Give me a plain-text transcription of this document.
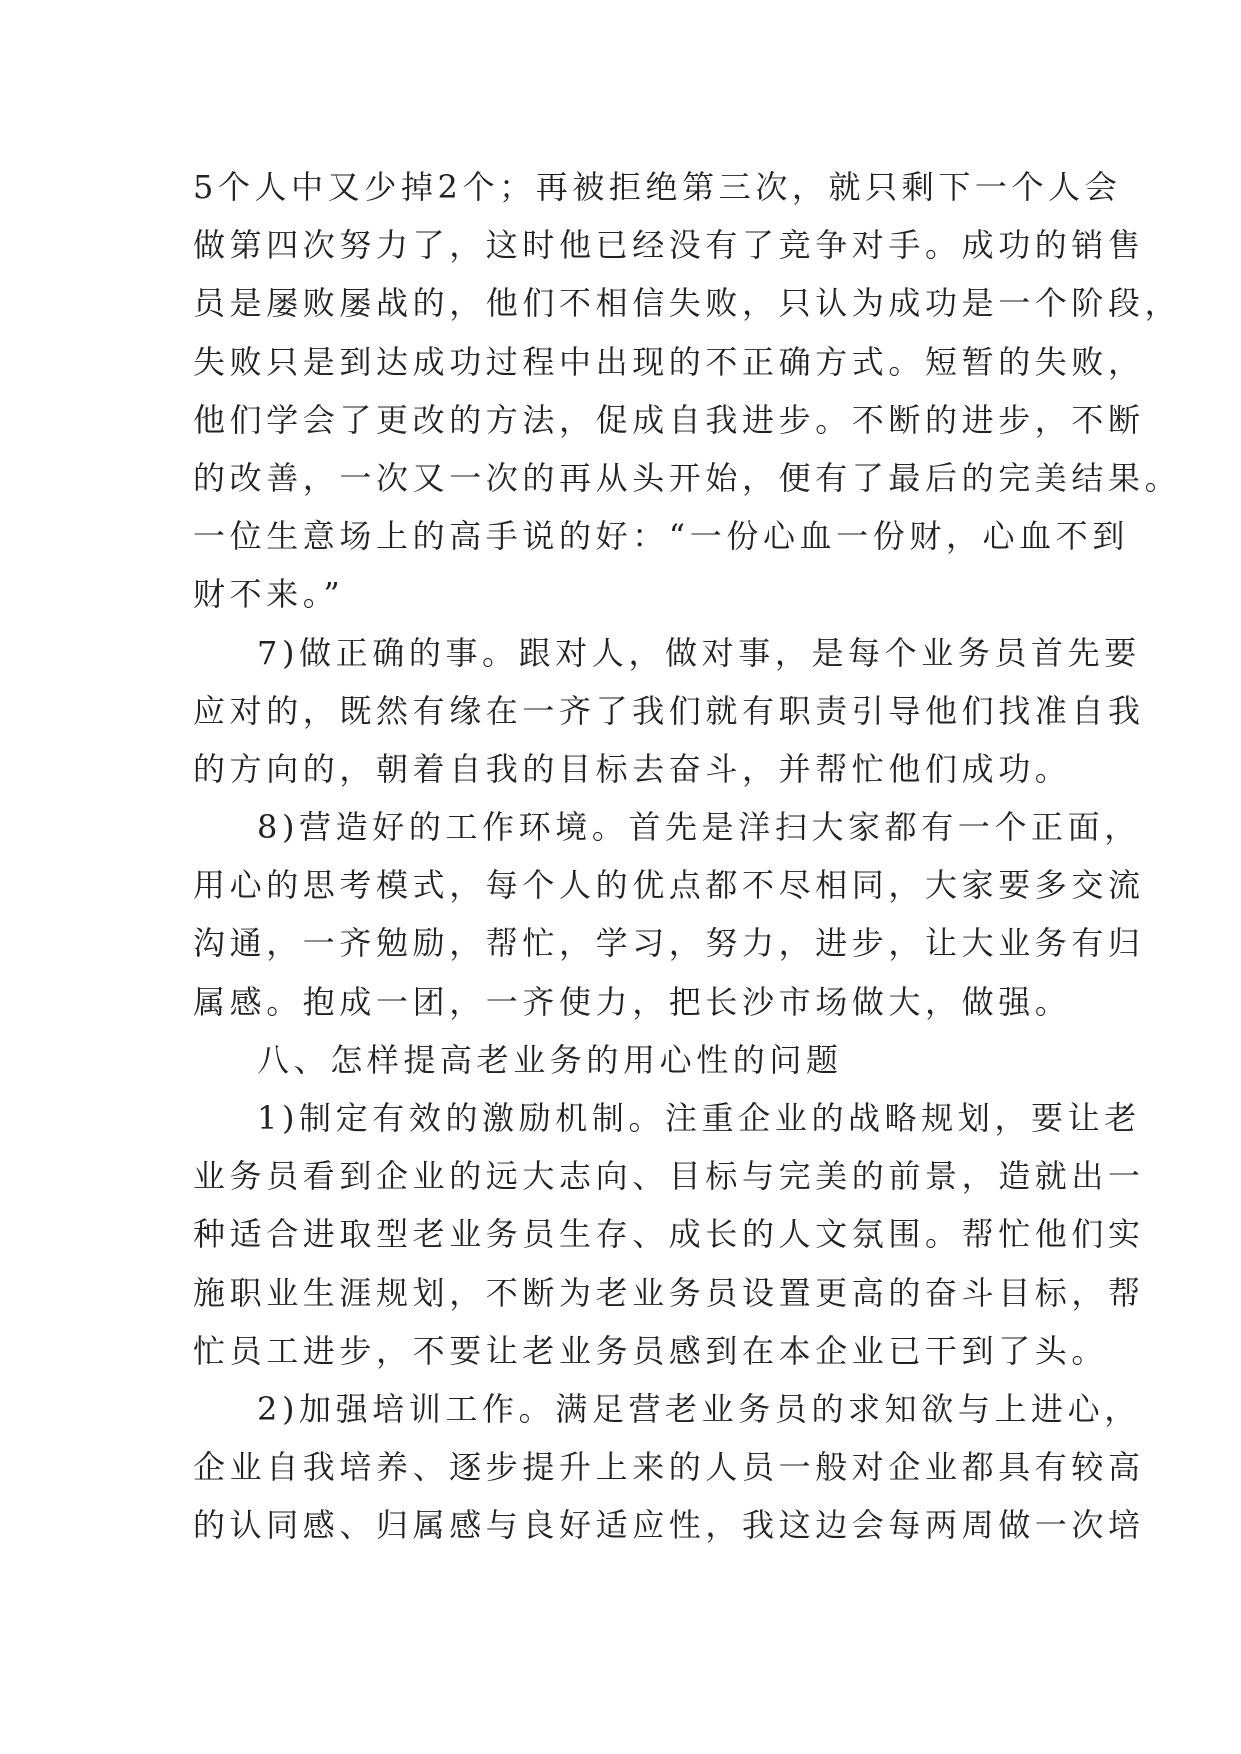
5个人中又少掉2个；再被拒绝第三次，就只剩下一个人会
做第四次努力了，这时他已经没有了竞争对手。成功的销售
员是屡败屡战的，他们不相信失败，只认为成功是一个阶段，
失败只是到达成功过程中出现的不正确方式。短暂的失败，
他们学会了更改的方法，促成自我进步。不断的进步，不断
的改善，一次又一次的再从头开始，便有了最后的完美结果。
一位生意场上的高手说的好：“一份心血一份财，心血不到
财不来。”
7)做正确的事。跟对人，做对事，是每个业务员首先要
应对的，既然有缘在一齐了我们就有职责引导他们找准自我
的方向的，朝着自我的目标去奋斗，并帮忙他们成功。
8)营造好的工作环境。首先是洋扫大家都有一个正面，
用心的思考模式，每个人的优点都不尽相同，大家要多交流
沟通，一齐勉励，帮忙，学习，努力，进步，让大业务有归
属感。抱成一团，一齐使力，把长沙市场做大，做强。
八、怎样提高老业务的用心性的问题
1)制定有效的激励机制。注重企业的战略规划，要让老
业务员看到企业的远大志向、目标与完美的前景，造就出一
种适合进取型老业务员生存、成长的人文氛围。帮忙他们实
施职业生涯规划，不断为老业务员设置更高的奋斗目标，帮
忙员工进步，不要让老业务员感到在本企业已干到了头。
2)加强培训工作。满足营老业务员的求知欲与上进心，
企业自我培养、逐步提升上来的人员一般对企业都具有较高
的认同感、归属感与良好适应性，我这边会每两周做一次培
